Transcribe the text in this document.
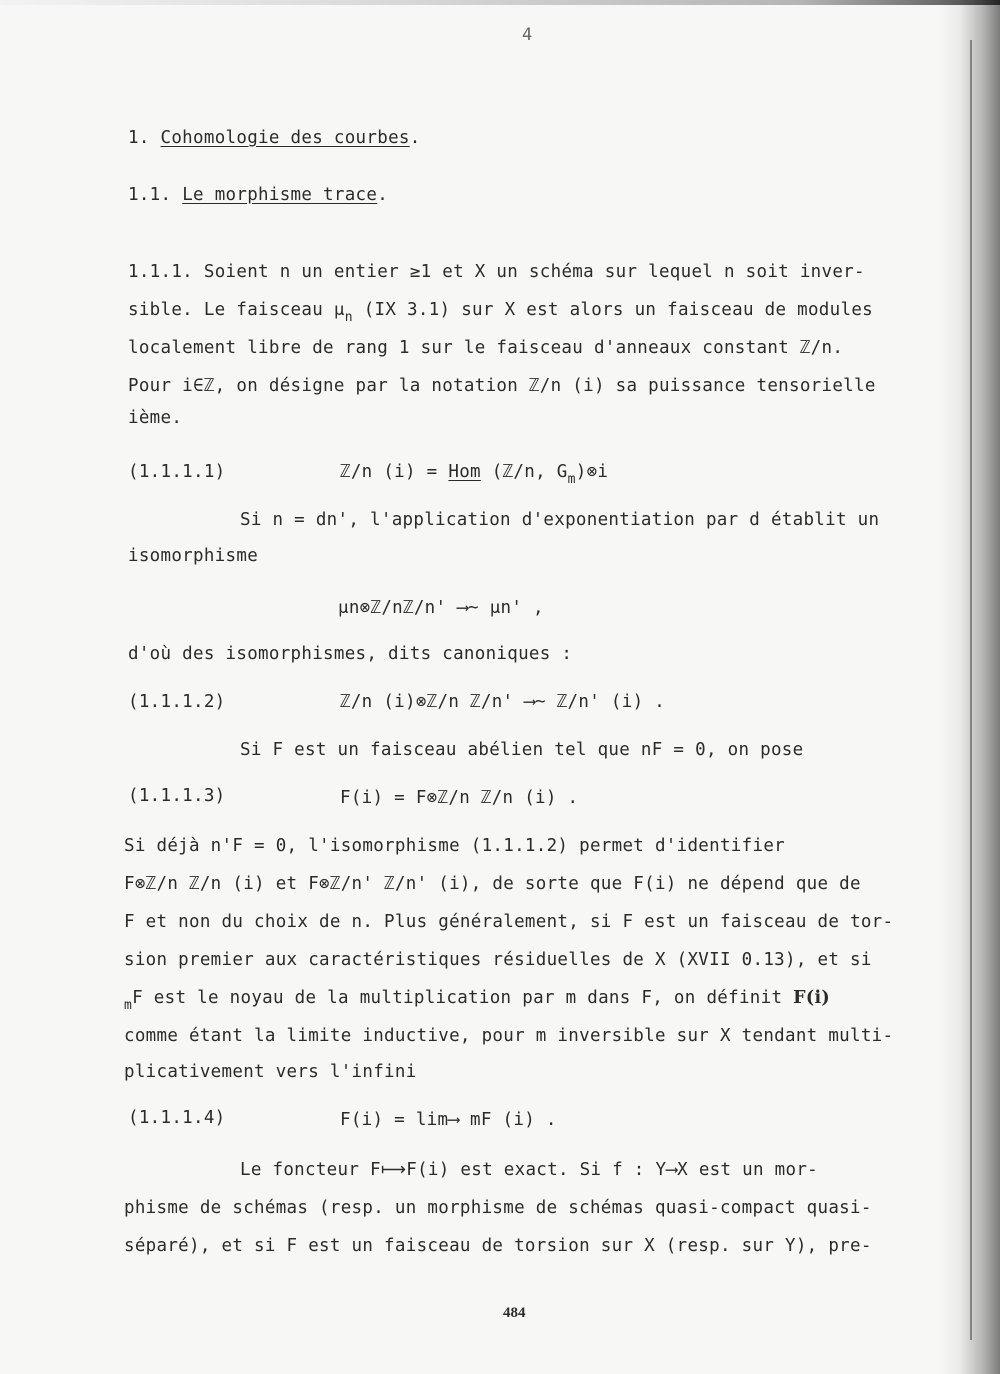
4
1. Cohomologie des courbes.
1.1. Le morphisme trace.
1.1.1. Soient n un entier ≥1 et X un schéma sur lequel n soit inver-
sible. Le faisceau $\mu_n$ (IX 3.1) sur X est alors un faisceau de modules
localement libre de rang 1 sur le faisceau d'anneaux constant ℤ/n.
Pour i∈ℤ, on désigne par la notation ℤ/n (i) sa puissance tensorielle
ième.
(1.1.1.1)	ℤ/n (i) = Hom (ℤ/n, $G_m)\otimes i$
Si n = dn', l'application d'exponentiation par d établit un
isomorphisme
μn⊗ℤ/nℤ/n' ⟶~ μn' ,
d'où des isomorphismes, dits canoniques :
(1.1.1.2)	ℤ/n (i)⊗ℤ/n ℤ/n' ⟶~ ℤ/n' (i) .
Si F est un faisceau abélien tel que nF = 0, on pose
(1.1.1.3)	F(i) = F⊗ℤ/n ℤ/n (i) .
Si déjà n'F = 0, l'isomorphisme (1.1.1.2) permet d'identifier
F⊗ℤ/n ℤ/n (i) et F⊗ℤ/n' ℤ/n' (i), de sorte que F(i) ne dépend que de
F et non du choix de n. Plus généralement, si F est un faisceau de tor-
sion premier aux caractéristiques résiduelles de X (XVII 0.13), et si
$_m$F est le noyau de la multiplication par m dans F, on définit F(i)
comme étant la limite inductive, pour m inversible sur X tendant multi-
plicativement vers l'infini
(1.1.1.4)	F(i) = lim⟶ mF (i) .
Le foncteur F⟼F(i) est exact. Si f : Y⟶X est un mor-
phisme de schémas (resp. un morphisme de schémas quasi-compact quasi-
séparé), et si F est un faisceau de torsion sur X (resp. sur Y), pre-
484
